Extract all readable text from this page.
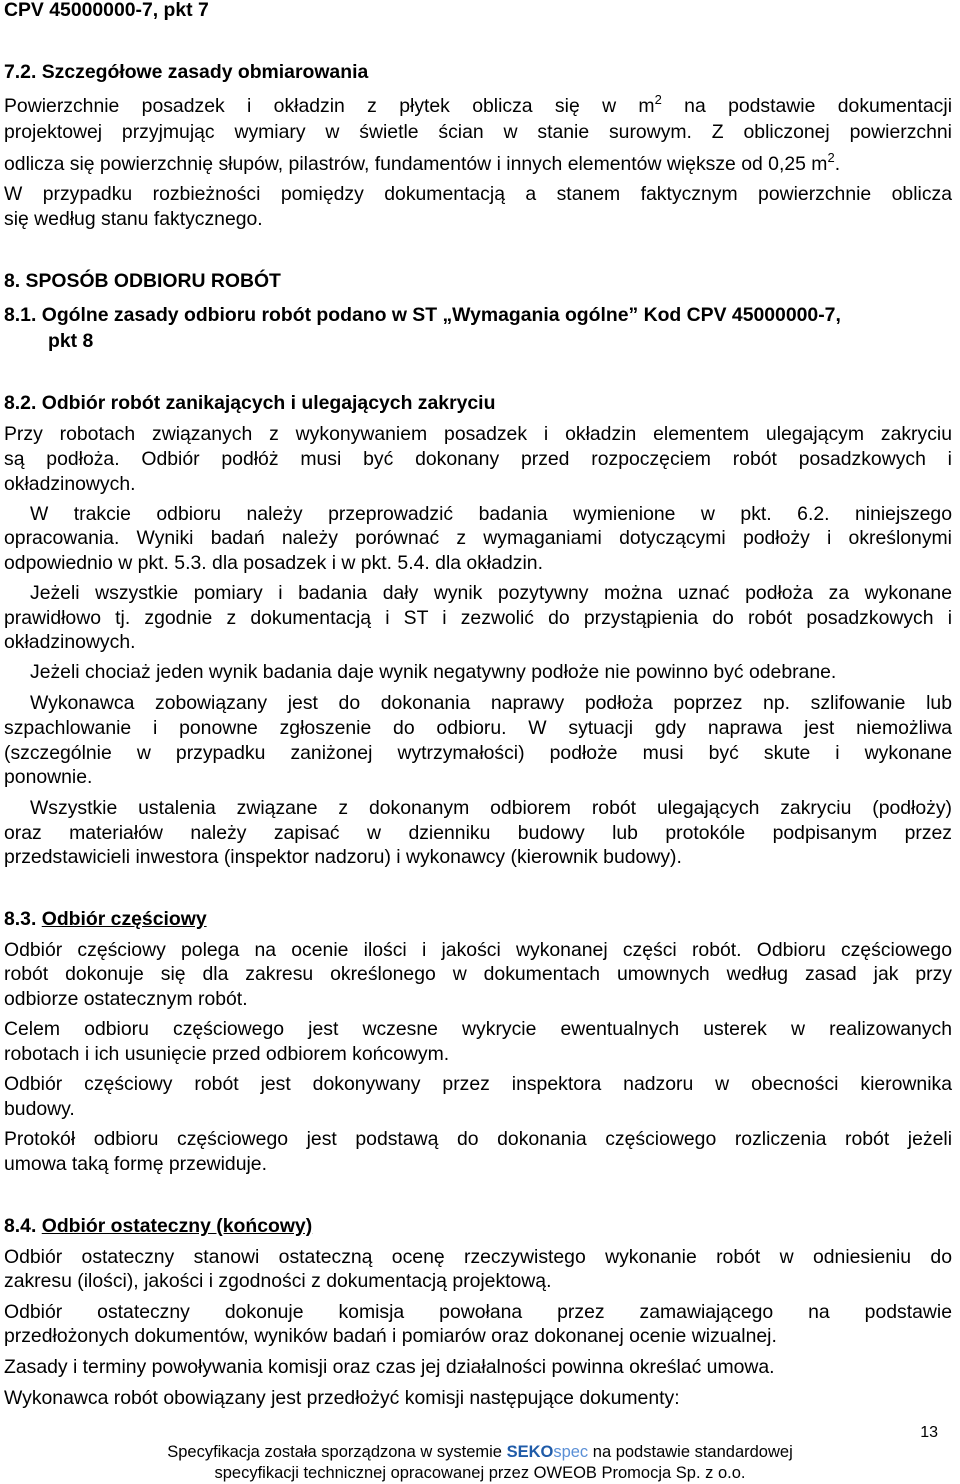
CPV 45000000-7, pkt 7

7.2. Szczegółowe zasady obmiarowania

Powierzchnie posadzek i okładzin z płytek oblicza się w $m^2$ na podstawie dokumentacji

projektowej przyjmując wymiary w świetle ścian w stanie surowym. Z obliczonej powierzchni

odlicza się powierzchnię słupów, pilastrów, fundamentów i innych elementów większe od 0,25 $m^2$.

W przypadku rozbieżności pomiędzy dokumentacją a stanem faktycznym powierzchnie oblicza

się według stanu faktycznego.

8. SPOSÓB ODBIORU ROBÓT

8.1. Ogólne zasady odbioru robót podano w ST „Wymagania ogólne” Kod CPV 45000000-7,

pkt 8

8.2. Odbiór robót zanikających i ulegających zakryciu

Przy robotach związanych z wykonywaniem posadzek i okładzin elementem ulegającym zakryciu

są podłoża. Odbiór podłóż musi być dokonany przed rozpoczęciem robót posadzkowych i

okładzinowych.

W trakcie odbioru należy przeprowadzić badania wymienione w pkt. 6.2. niniejszego

opracowania. Wyniki badań należy porównać z wymaganiami dotyczącymi podłoży i określonymi

odpowiednio w pkt. 5.3. dla posadzek i w pkt. 5.4. dla okładzin.

Jeżeli wszystkie pomiary i badania dały wynik pozytywny można uznać podłoża za wykonane

prawidłowo tj. zgodnie z dokumentacją i ST i zezwolić do przystąpienia do robót posadzkowych i

okładzinowych.

Jeżeli chociaż jeden wynik badania daje wynik negatywny podłoże nie powinno być odebrane.

Wykonawca zobowiązany jest do dokonania naprawy podłoża poprzez np. szlifowanie lub

szpachlowanie i ponowne zgłoszenie do odbioru. W sytuacji gdy naprawa jest niemożliwa

(szczególnie w przypadku zaniżonej wytrzymałości) podłoże musi być skute i wykonane

ponownie.

Wszystkie ustalenia związane z dokonanym odbiorem robót ulegających zakryciu (podłoży)

oraz materiałów należy zapisać w dzienniku budowy lub protokóle podpisanym przez

przedstawicieli inwestora (inspektor nadzoru) i wykonawcy (kierownik budowy).

8.3. Odbiór częściowy

Odbiór częściowy polega na ocenie ilości i jakości wykonanej części robót. Odbioru częściowego

robót dokonuje się dla zakresu określonego w dokumentach umownych według zasad jak przy

odbiorze ostatecznym robót.

Celem odbioru częściowego jest wczesne wykrycie ewentualnych usterek w realizowanych

robotach i ich usunięcie przed odbiorem końcowym.

Odbiór częściowy robót jest dokonywany przez inspektora nadzoru w obecności kierownika

budowy.

Protokół odbioru częściowego jest podstawą do dokonania częściowego rozliczenia robót jeżeli

umowa taką formę przewiduje.

8.4. Odbiór ostateczny (końcowy)

Odbiór ostateczny stanowi ostateczną ocenę rzeczywistego wykonanie robót w odniesieniu do

zakresu (ilości), jakości i zgodności z dokumentacją projektową.

Odbiór ostateczny dokonuje komisja powołana przez zamawiającego na podstawie

przedłożonych dokumentów, wyników badań i pomiarów oraz dokonanej ocenie wizualnej.

Zasady i terminy powoływania komisji oraz czas jej działalności powinna określać umowa.

Wykonawca robót obowiązany jest przedłożyć komisji następujące dokumenty:

13
Specyfikacja została sporządzona w systemie SEKOspec na podstawie standardowej
specyfikacji technicznej opracowanej przez OWEOB Promocja Sp. z o.o.
